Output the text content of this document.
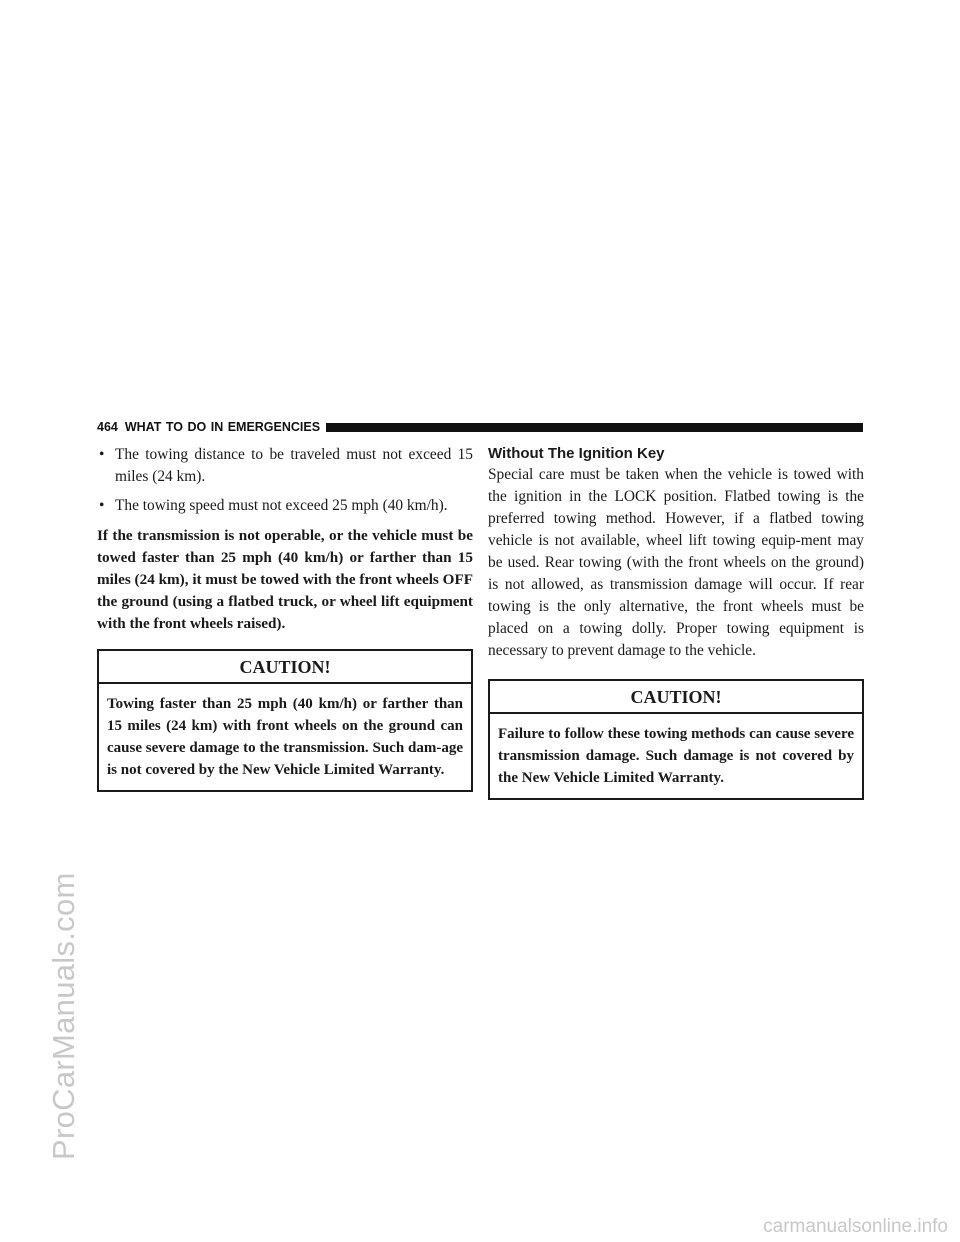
ProCarManuals.com
carmanualsonline.info
464 WHAT TO DO IN EMERGENCIES
• The towing distance to be traveled must not exceed 15 miles (24 km).
• The towing speed must not exceed 25 mph (40 km/h).
If the transmission is not operable, or the vehicle must be towed faster than 25 mph (40 km/h) or farther than 15 miles (24 km), it must be towed with the front wheels OFF the ground (using a flatbed truck, or wheel lift equipment with the front wheels raised).
CAUTION!
Towing faster than 25 mph (40 km/h) or farther than 15 miles (24 km) with front wheels on the ground can cause severe damage to the transmission. Such dam-age is not covered by the New Vehicle Limited Warranty.
Without The Ignition Key
Special care must be taken when the vehicle is towed with the ignition in the LOCK position. Flatbed towing is the preferred towing method. However, if a flatbed towing vehicle is not available, wheel lift towing equip-ment may be used. Rear towing (with the front wheels on the ground) is not allowed, as transmission damage will occur. If rear towing is the only alternative, the front wheels must be placed on a towing dolly. Proper towing equipment is necessary to prevent damage to the vehicle.
CAUTION!
Failure to follow these towing methods can cause severe transmission damage. Such damage is not covered by the New Vehicle Limited Warranty.
